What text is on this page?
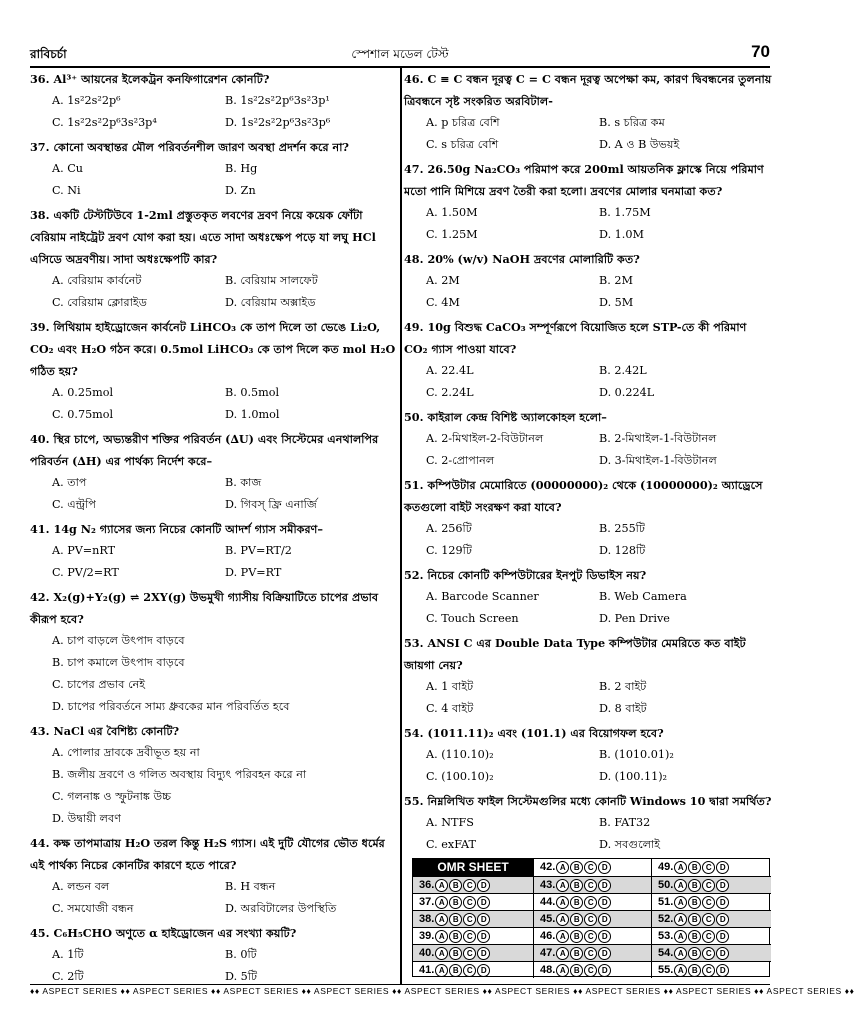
রাবিচর্চা	স্পেশাল মডেল টেস্ট	70
36. Al³⁺ আয়নের ইলেকট্রন কনফিগারেশন কোনটি?
A. 1s²2s²2p⁶	B. 1s²2s²2p⁶3s²3p¹
C. 1s²2s²2p⁶3s²3p⁴	D. 1s²2s²2p⁶3s²3p⁶
37. কোনো অবস্থান্তর মৌল পরিবর্তনশীল জারণ অবস্থা প্রদর্শন করে না?
A. Cu	B. Hg
C. Ni	D. Zn
38. একটি টেস্টটিউবে 1-2ml প্রস্তুতকৃত লবণের দ্রবণ নিয়ে কয়েক ফোঁটা বেরিয়াম নাইট্রেট দ্রবণ যোগ করা হয়। এতে সাদা অধঃক্ষেপ পড়ে যা লঘু HCl এসিডে অদ্রবণীয়। সাদা অধঃক্ষেপটি কার?
A. বেরিয়াম কার্বনেট	B. বেরিয়াম সালফেট
C. বেরিয়াম ক্লোরাইড	D. বেরিয়াম অক্সাইড
39. লিথিয়াম হাইড্রোজেন কার্বনেট LiHCO₃ কে তাপ দিলে তা ভেঙে Li₂O, CO₂ এবং H₂O গঠন করে। 0.5mol LiHCO₃ কে তাপ দিলে কত mol H₂O গঠিত হয়?
A. 0.25mol	B. 0.5mol
C. 0.75mol	D. 1.0mol
40. স্থির চাপে, অভ্যন্তরীণ শক্তির পরিবর্তন (∆U) এবং সিস্টেমের এনথালপির পরিবর্তন (∆H) এর পার্থক্য নির্দেশ করে–
A. তাপ	B. কাজ
C. এন্ট্রপি	D. গিবস্ ফ্রি এনার্জি
41. 14g N₂ গ্যাসের জন্য নিচের কোনটি আদর্শ গ্যাস সমীকরণ–
A. PV=nRT	B. PV=RT/2
C. PV/2=RT	D. PV=RT
42. X₂(g)+Y₂(g) ⇌ 2XY(g) উভমুখী গ্যাসীয় বিক্রিয়াটিতে চাপের প্রভাব কীরূপ হবে?
A. চাপ বাড়লে উৎপাদ বাড়বে
B. চাপ কমালে উৎপাদ বাড়বে
C. চাপের প্রভাব নেই
D. চাপের পরিবর্তনে সাম্য ধ্রুবকের মান পরিবর্তিত হবে
43. NaCl এর বৈশিষ্ট্য কোনটি?
A. পোলার দ্রাবকে দ্রবীভূত হয় না
B. জলীয় দ্রবণে ও গলিত অবস্থায় বিদ্যুৎ পরিবহন করে না
C. গলনাঙ্ক ও স্ফুটনাঙ্ক উচ্চ
D. উদ্বায়ী লবণ
44. কক্ষ তাপমাত্রায় H₂O তরল কিন্তু H₂S গ্যাস। এই দুটি যৌগের ভৌত ধর্মের এই পার্থক্য নিচের কোনটির কারণে হতে পারে?
A. লন্ডন বল	B. H বন্ধন
C. সমযোজী বন্ধন	D. অরবিটালের উপস্থিতি
45. C₆H₅CHO অণুতে α হাইড্রোজেন এর সংখ্যা কয়টি?
A. 1টি	B. 0টি
C. 2টি	D. 5টি
46. C ≡ C বন্ধন দূরত্ব C = C বন্ধন দূরত্ব অপেক্ষা কম, কারণ দ্বিবন্ধনের তুলনায় ত্রিবন্ধনে সৃষ্ট সংকরিত অরবিটাল-
A. p চরিত্র বেশি	B. s চরিত্র কম
C. s চরিত্র বেশি	D. A ও B উভয়ই
47. 26.50g Na₂CO₃ পরিমাপ করে 200ml আয়তনিক ফ্লাস্কে নিয়ে পরিমাণ মতো পানি মিশিয়ে দ্রবণ তৈরী করা হলো। দ্রবণের মোলার ঘনমাত্রা কত?
A. 1.50M	B. 1.75M
C. 1.25M	D. 1.0M
48. 20% (w/v) NaOH দ্রবণের মোলারিটি কত?
A. 2M	B. 2M
C. 4M	D. 5M
49. 10g বিশুদ্ধ CaCO₃ সম্পূর্ণরূপে বিয়োজিত হলে STP-তে কী পরিমাণ CO₂ গ্যাস পাওয়া যাবে?
A. 22.4L	B. 2.42L
C. 2.24L	D. 0.224L
50. কাইরাল কেন্দ্র বিশিষ্ট অ্যালকোহল হলো–
A. 2-মিথাইল-2-বিউটানল	B. 2-মিথাইল-1-বিউটানল
C. 2-প্রোপানল	D. 3-মিথাইল-1-বিউটানল
51. কম্পিউটার মেমোরিতে (00000000)₂ থেকে (10000000)₂ অ্যাড্রেসে কতগুলো বাইট সংরক্ষণ করা যাবে?
A. 256টি	B. 255টি
C. 129টি	D. 128টি
52. নিচের কোনটি কম্পিউটারের ইনপুট ডিভাইস নয়?
A. Barcode Scanner	B. Web Camera
C. Touch Screen	D. Pen Drive
53. ANSI C এর Double Data Type কম্পিউটার মেমরিতে কত বাইট জায়গা নেয়?
A. 1 বাইট	B. 2 বাইট
C. 4 বাইট	D. 8 বাইট
54. (1011.11)₂ এবং (101.1) এর বিয়োগফল হবে?
A. (110.10)₂	B. (1010.01)₂
C. (100.10)₂	D. (100.11)₂
55. নিম্নলিখিত ফাইল সিস্টেমগুলির মধ্যে কোনটি Windows 10 দ্বারা সমর্থিত?
A. NTFS	B. FAT32
C. exFAT	D. সবগুলোই
OMR SHEET	42. A B C D	49. A B C D
36. A B C D	43. A B C D	50. A B C D
37. A B C D	44. A B C D	51. A B C D
38. A B C D	45. A B C D	52. A B C D
39. A B C D	46. A B C D	53. A B C D
40. A B C D	47. A B C D	54. A B C D
41. A B C D	48. A B C D	55. A B C D
♦♦ ASPECT SERIES ♦♦ ASPECT SERIES ♦♦ ASPECT SERIES ♦♦ ASPECT SERIES ♦♦ ASPECT SERIES ♦♦ ASPECT SERIES ♦♦ ASPECT SERIES ♦♦ ASPECT SERIES ♦♦ ASPECT SERIES ♦♦
